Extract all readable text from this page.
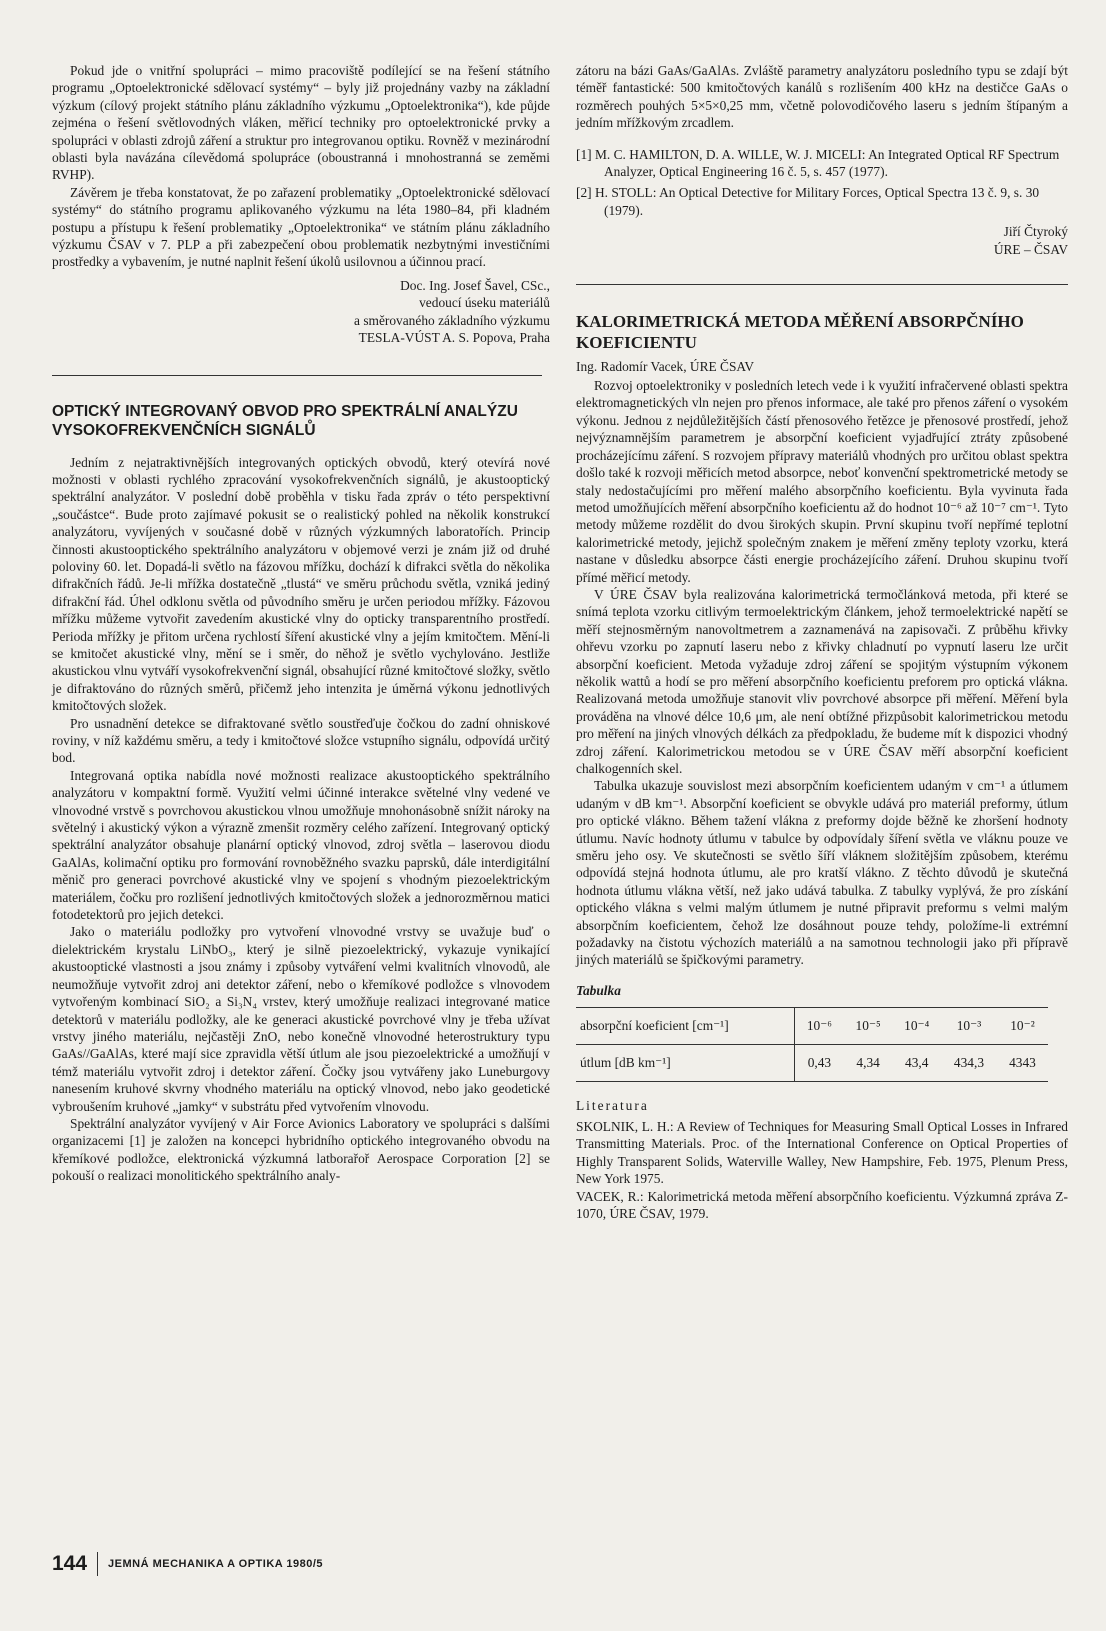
Pokud jde o vnitřní spolupráci – mimo pracoviště podílející se na řešení státního programu „Optoelektronické sdělovací systémy“ – byly již projednány vazby na základní výzkum (cílový projekt státního plánu základního výzkumu „Optoelektronika“), kde půjde zejména o řešení světlovodných vláken, měřicí techniky pro optoelektronické prvky a spolupráci v oblasti zdrojů záření a struktur pro integrovanou optiku. Rovněž v mezinárodní oblasti byla navázána cílevědomá spolupráce (oboustranná i mnohostranná se zeměmi RVHP).

Závěrem je třeba konstatovat, že po zařazení problematiky „Optoelektronické sdělovací systémy“ do státního programu aplikovaného výzkumu na léta 1980–84, při kladném postupu a přístupu k řešení problematiky „Optoelektronika“ ve státním plánu základního výzkumu ČSAV v 7. PLP a při zabezpečení obou problematik nezbytnými investičními prostředky a vybavením, je nutné naplnit řešení úkolů usilovnou a účinnou prací.

Doc. Ing. Josef Šavel, CSc.,
vedoucí úseku materiálů
a směrovaného základního výzkumu
TESLA-VÚST A. S. Popova, Praha
OPTICKÝ INTEGROVANÝ OBVOD PRO SPEKTRÁLNÍ ANALÝZU VYSOKOFREKVENČNÍCH SIGNÁLŮ

Jedním z nejatraktivnějších integrovaných optických obvodů, který otevírá nové možnosti v oblasti rychlého zpracování vysokofrekvenčních signálů, je akustooptický spektrální analyzátor. V poslední době proběhla v tisku řada zpráv o této perspektivní „součástce“. Bude proto zajímavé pokusit se o realistický pohled na několik konstrukcí analyzátoru, vyvíjených v současné době v různých výzkumných laboratořích. Princip činnosti akustooptického spektrálního analyzátoru v objemové verzi je znám již od druhé poloviny 60. let. Dopadá-li světlo na fázovou mřížku, dochází k difrakci světla do několika difrakčních řádů. Je-li mřížka dostatečně „tlustá“ ve směru průchodu světla, vzniká jediný difrakční řád. Úhel odklonu světla od původního směru je určen periodou mřížky. Fázovou mřížku můžeme vytvořit zavedením akustické vlny do opticky transparentního prostředí. Perioda mřížky je přitom určena rychlostí šíření akustické vlny a jejím kmitočtem. Mění-li se kmitočet akustické vlny, mění se i směr, do něhož je světlo vychylováno. Jestliže akustickou vlnu vytváří vysokofrekvenční signál, obsahující různé kmitočtové složky, světlo je difraktováno do různých směrů, přičemž jeho intenzita je úměrná výkonu jednotlivých kmitočtových složek.

Pro usnadnění detekce se difraktované světlo soustřeďuje čočkou do zadní ohniskové roviny, v níž každému směru, a tedy i kmitočtové složce vstupního signálu, odpovídá určitý bod.

Integrovaná optika nabídla nové možnosti realizace akustooptického spektrálního analyzátoru v kompaktní formě. Využití velmi účinné interakce světelné vlny vedené ve vlnovodné vrstvě s povrchovou akustickou vlnou umožňuje mnohonásobně snížit nároky na světelný i akustický výkon a výrazně zmenšit rozměry celého zařízení. Integrovaný optický spektrální analyzátor obsahuje planární optický vlnovod, zdroj světla – laserovou diodu GaAlAs, kolimační optiku pro formování rovnoběžného svazku paprsků, dále interdigitální měnič pro generaci povrchové akustické vlny ve spojení s vhodným piezoelektrickým materiálem, čočku pro rozlišení jednotlivých kmitočtových složek a jednorozměrnou matici fotodetektorů pro jejich detekci.

Jako o materiálu podložky pro vytvoření vlnovodné vrstvy se uvažuje buď o dielektrickém krystalu LiNbO₃, který je silně piezoelektrický, vykazuje vynikající akustooptické vlastnosti a jsou známy i způsoby vytváření velmi kvalitních vlnovodů, ale neumožňuje vytvořit zdroj ani detektor záření, nebo o křemíkové podložce s vlnovodem vytvořeným kombinací SiO₂ a Si₃N₄ vrstev, který umožňuje realizaci integrované matice detektorů v materiálu podložky, ale ke generaci akustické povrchové vlny je třeba užívat vrstvy jiného materiálu, nejčastěji ZnO, nebo konečně vlnovodné heterostruktury typu GaAs//GaAlAs, které mají sice zpravidla větší útlum ale jsou piezoelektrické a umožňují v témž materiálu vytvořit zdroj i detektor záření. Čočky jsou vytvářeny jako Luneburgovy nanesením kruhové skvrny vhodného materiálu na optický vlnovod, nebo jako geodetické vybroušením kruhové „jamky“ v substrátu před vytvořením vlnovodu.

Spektrální analyzátor vyvíjený v Air Force Avionics Laboratory ve spolupráci s dalšími organizacemi [1] je založen na koncepci hybridního optického integrovaného obvodu na křemíkové podložce, elektronická výzkumná latborařoř Aerospace Corporation [2] se pokouší o realizaci monolitického spektrálního analy-

zátoru na bázi GaAs/GaAlAs. Zvláště parametry analyzátoru posledního typu se zdají být téměř fantastické: 500 kmitočtových kanálů s rozlišením 400 kHz na destičce GaAs o rozměrech pouhých 5×5×0,25 mm, včetně polovodičového laseru s jedním štípaným a jedním mřížkovým zrcadlem.

[1] M. C. HAMILTON, D. A. WILLE, W. J. MICELI: An Integrated Optical RF Spectrum Analyzer, Optical Engineering 16 č. 5, s. 457 (1977).
[2] H. STOLL: An Optical Detective for Military Forces, Optical Spectra 13 č. 9, s. 30 (1979).
Jiří Čtyroký
ÚRE – ČSAV
KALORIMETRICKÁ METODA MĚŘENÍ ABSORPČNÍHO KOEFICIENTU
Ing. Radomír Vacek, ÚRE ČSAV

Rozvoj optoelektroniky v posledních letech vede i k využití infračervené oblasti spektra elektromagnetických vln nejen pro přenos informace, ale také pro přenos záření o vysokém výkonu. Jednou z nejdůležitějších částí přenosového řetězce je přenosové prostředí, jehož nejvýznamnějším parametrem je absorpční koeficient vyjadřující ztráty způsobené procházejícímu záření. S rozvojem přípravy materiálů vhodných pro určitou oblast spektra došlo také k rozvoji měřicích metod absorpce, neboť konvenční spektrometrické metody se staly nedostačujícími pro měření malého absorpčního koeficientu. Byla vyvinuta řada metod umožňujících měření absorpčního koeficientu až do hodnot 10⁻⁶ až 10⁻⁷ cm⁻¹. Tyto metody můžeme rozdělit do dvou širokých skupin. První skupinu tvoří nepřímé teplotní kalorimetrické metody, jejichž společným znakem je měření změny teploty vzorku, která nastane v důsledku absorpce části energie procházejícího záření. Druhou skupinu tvoří přímé měřicí metody.

V ÚRE ČSAV byla realizována kalorimetrická termočlánková metoda, při které se snímá teplota vzorku citlivým termoelektrickým článkem, jehož termoelektrické napětí se měří stejnosměrným nanovoltmetrem a zaznamenává na zapisovači. Z průběhu křivky ohřevu vzorku po zapnutí laseru nebo z křivky chladnutí po vypnutí laseru lze určit absorpční koeficient. Metoda vyžaduje zdroj záření se spojitým výstupním výkonem několik wattů a hodí se pro měření absorpčního koeficientu preforem pro optická vlákna. Realizovaná metoda umožňuje stanovit vliv povrchové absorpce při měření. Měření byla prováděna na vlnové délce 10,6 μm, ale není obtížné přizpůsobit kalorimetrickou metodu pro měření na jiných vlnových délkách za předpokladu, že budeme mít k dispozici vhodný zdroj záření. Kalorimetrickou metodou se v ÚRE ČSAV měří absorpční koeficient chalkogenních skel.

Tabulka ukazuje souvislost mezi absorpčním koeficientem udaným v cm⁻¹ a útlumem udaným v dB km⁻¹. Absorpční koeficient se obvykle udává pro materiál preformy, útlum pro optické vlákno. Během tažení vlákna z preformy dojde běžně ke zhoršení hodnoty útlumu. Navíc hodnoty útlumu v tabulce by odpovídaly šíření světla ve vláknu pouze ve směru jeho osy. Ve skutečnosti se světlo šíří vláknem složitějším způsobem, kterému odpovídá stejná hodnota útlumu, ale pro kratší vlákno. Z těchto důvodů je skutečná hodnota útlumu vlákna větší, než jako udává tabulka. Z tabulky vyplývá, že pro získání optického vlákna s velmi malým útlumem je nutné připravit preformu s velmi malým absorpčním koeficientem, čehož lze dosáhnout pouze tehdy, položíme-li extrémní požadavky na čistotu výchozích materiálů a na samotnou technologii jako při přípravě jiných materiálů se špičkovými parametry.

Tabulka
absorpční koeficient [cm⁻¹]	10⁻⁶	10⁻⁵	10⁻⁴	10⁻³	10⁻²
útlum [dB km⁻¹]	0,43	4,34	43,4	434,3	4343
Literatura
SKOLNIK, L. H.: A Review of Techniques for Measuring Small Optical Losses in Infrared Transmitting Materials. Proc. of the International Conference on Optical Properties of Highly Transparent Solids, Waterville Walley, New Hampshire, Feb. 1975, Plenum Press, New York 1975.
VACEK, R.: Kalorimetrická metoda měření absorpčního koeficientu. Výzkumná zpráva Z-1070, ÚRE ČSAV, 1979.
144	JEMNÁ MECHANIKA A OPTIKA 1980/5
